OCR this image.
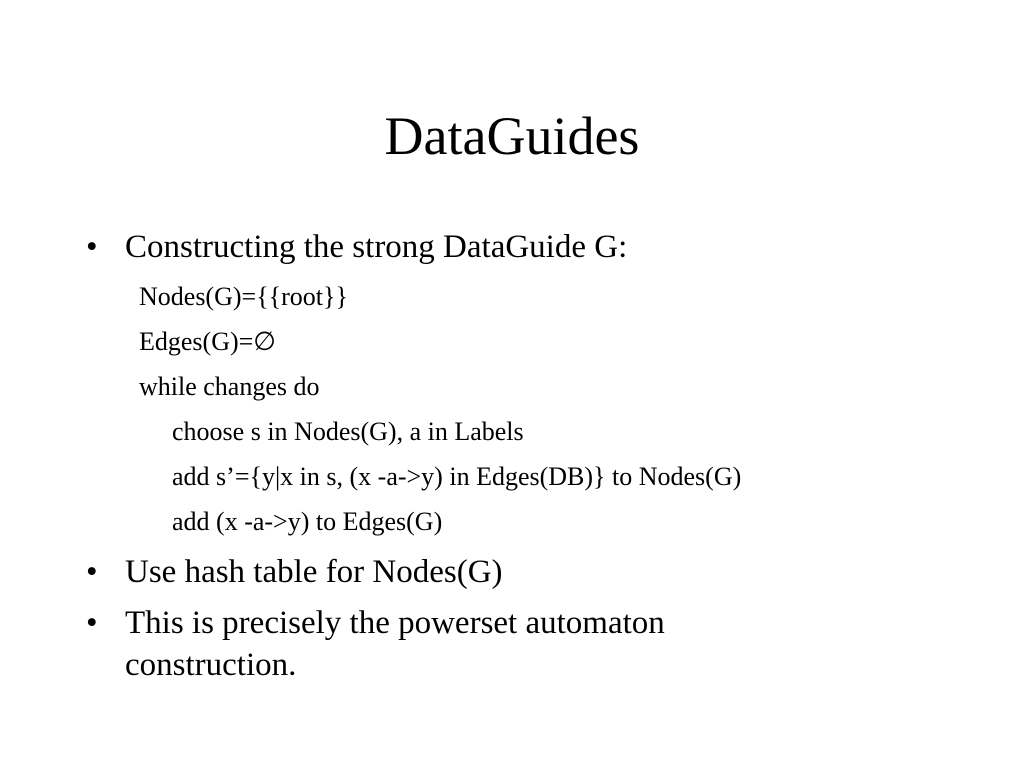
DataGuides
• Constructing the strong DataGuide G:
Nodes(G)={{root}}
Edges(G)=∅
while changes do
choose s in Nodes(G), a in Labels
add s’={y|x in s, (x -a->y) in Edges(DB)} to Nodes(G)
add (x -a->y) to Edges(G)
• Use hash table for Nodes(G)
• This is precisely the powerset automaton
construction.
